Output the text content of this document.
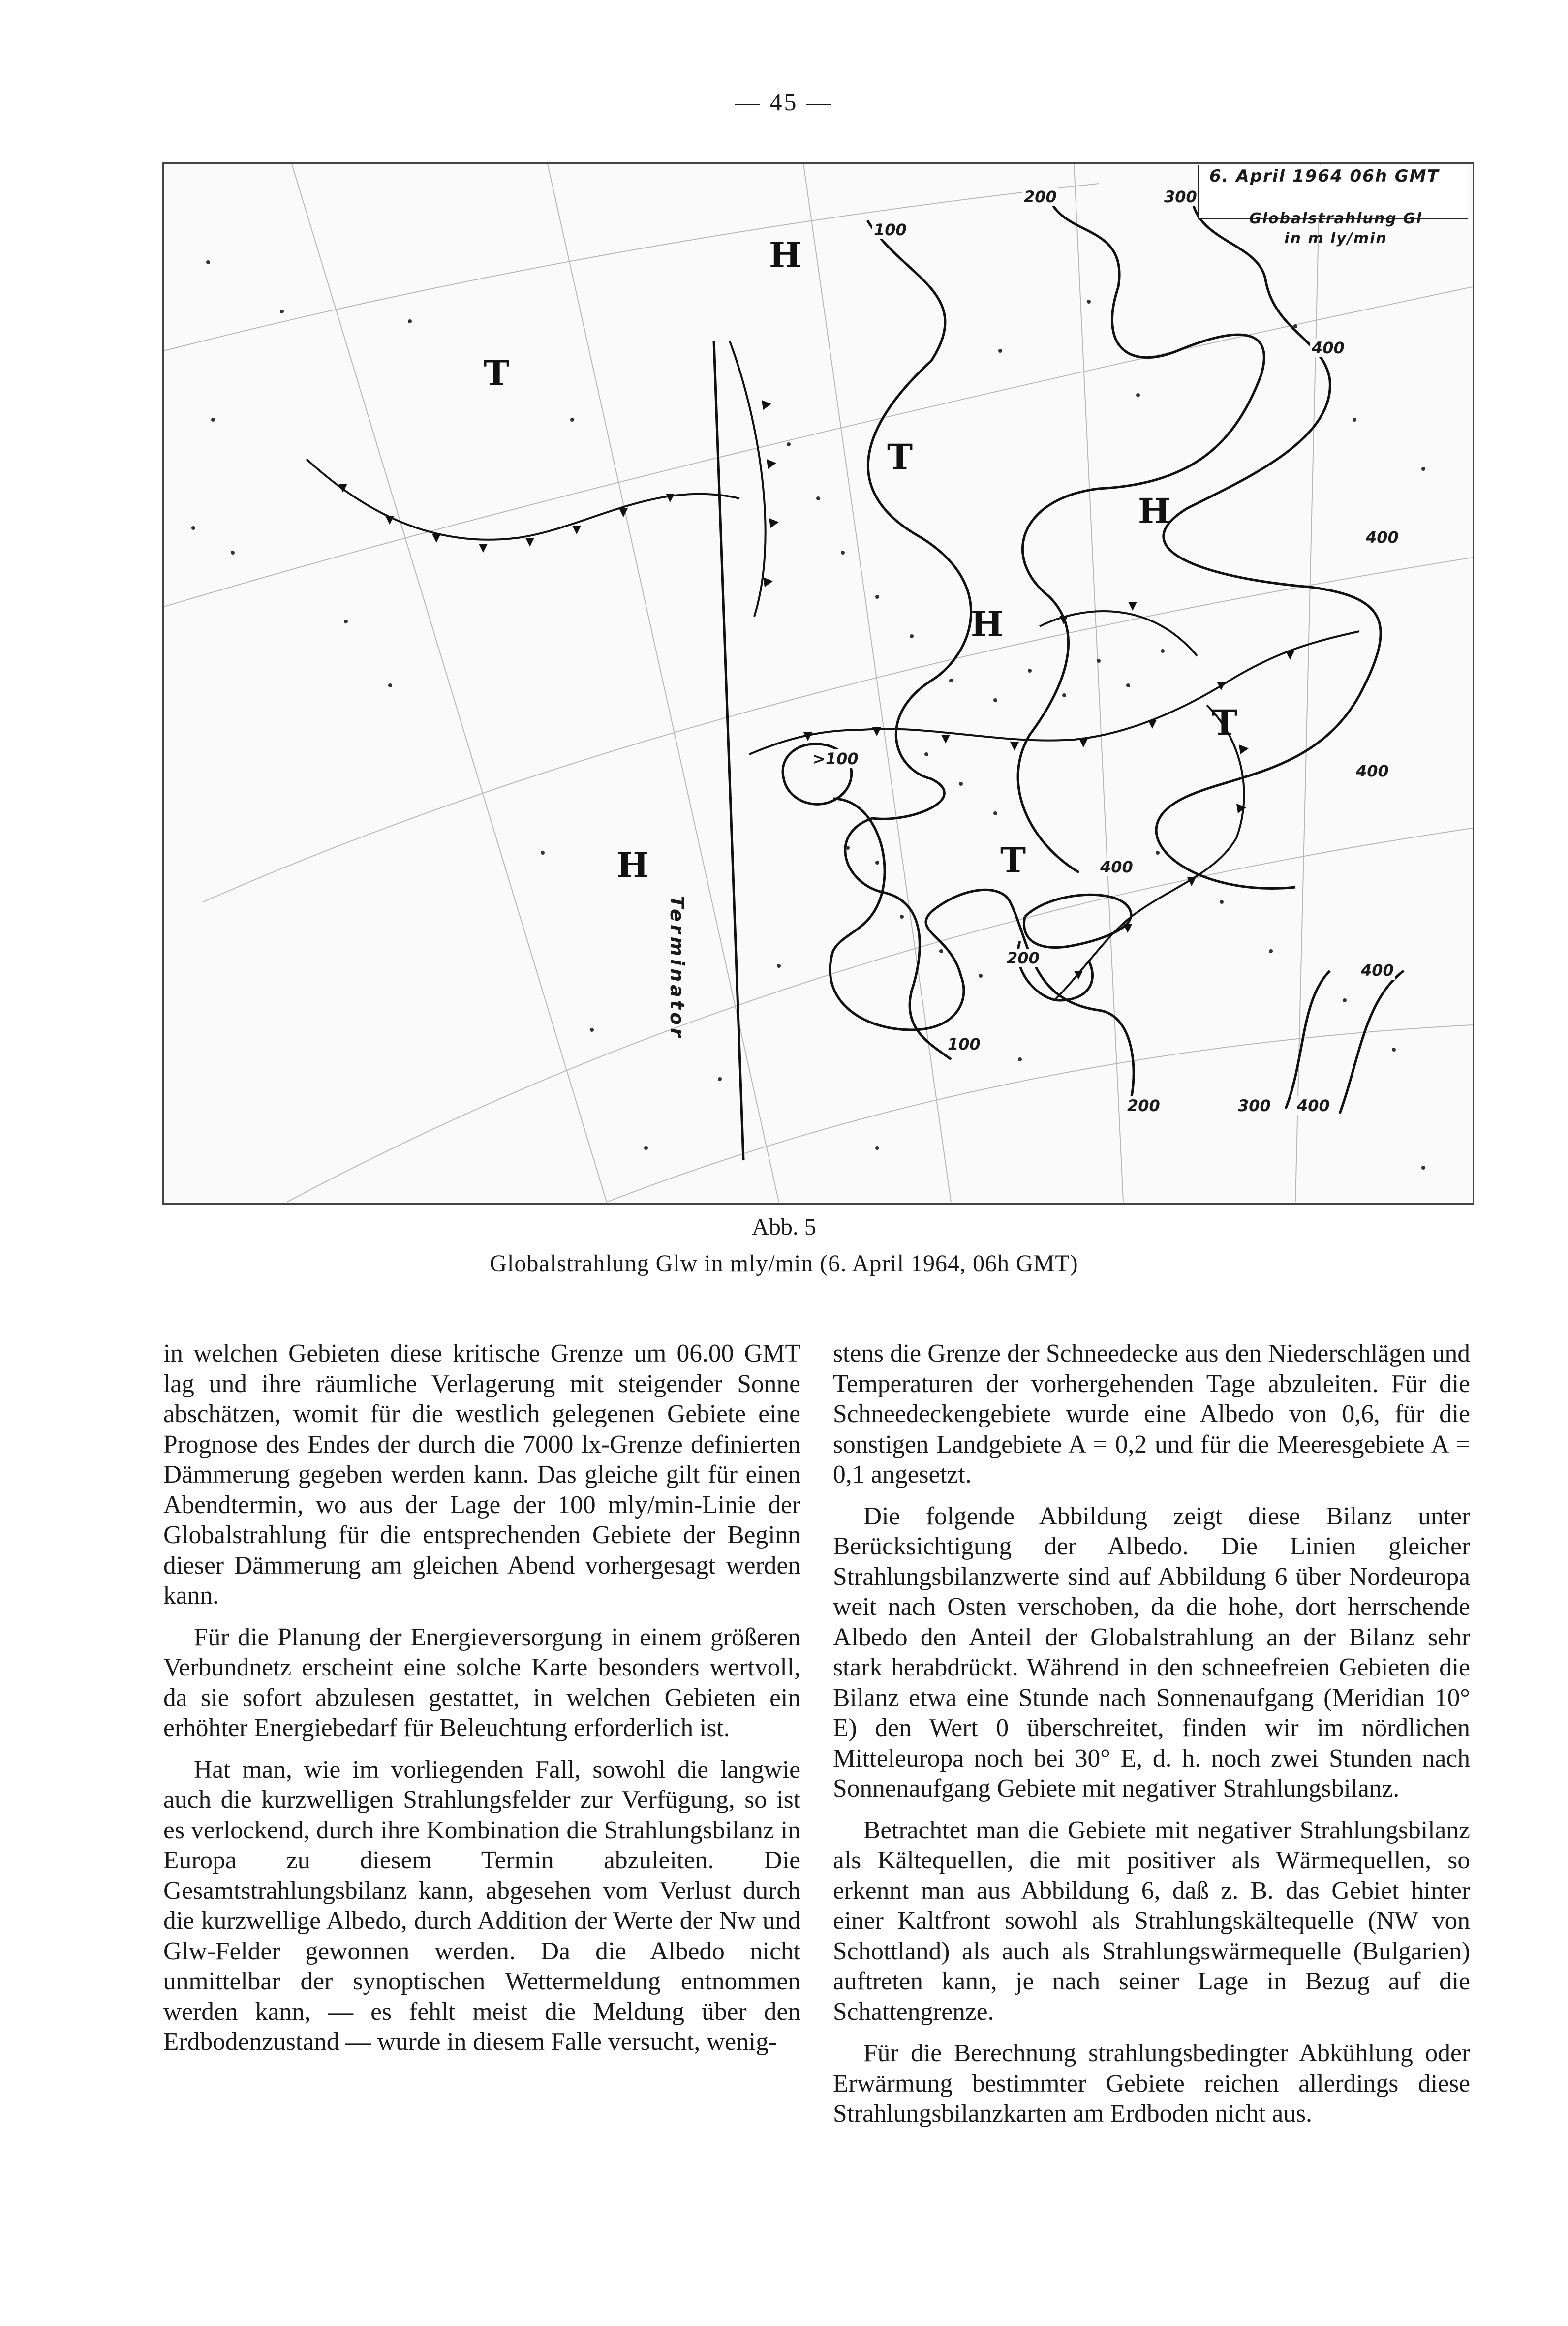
— 45 —
H
T
T
H
H
T
H	T
100
200	300
400
400
400
400
200
100
200	300 400
400
>100
6. April 1964 06h GMT
Globalstrahlung Gl
in m ly/min
Terminator
Abb. 5
Globalstrahlung Glw in mly/min (6. April 1964, 06h GMT)

in welchen Gebieten diese kritische Grenze um 06.00 GMT lag und ihre räumliche Verlagerung mit steigender Sonne abschätzen, womit für die westlich gelegenen Gebiete eine Prognose des Endes der durch die 7000 lx-Grenze definierten Dämmerung gegeben werden kann. Das gleiche gilt für einen Abendtermin, wo aus der Lage der 100 mly/min-Linie der Globalstrahlung für die entsprechenden Gebiete der Beginn dieser Dämmerung am gleichen Abend vorhergesagt werden kann.

Für die Planung der Energieversorgung in einem größeren Verbundnetz erscheint eine solche Karte besonders wertvoll, da sie sofort abzulesen gestattet, in welchen Gebieten ein erhöhter Energiebedarf für Beleuchtung erforderlich ist.

Hat man, wie im vorliegenden Fall, sowohl die langwie auch die kurzwelligen Strahlungsfelder zur Verfügung, so ist es verlockend, durch ihre Kombination die Strahlungsbilanz in Europa zu diesem Termin abzuleiten. Die Gesamtstrahlungsbilanz kann, abgesehen vom Verlust durch die kurzwellige Albedo, durch Addition der Werte der Nw und Glw-Felder gewonnen werden. Da die Albedo nicht unmittelbar der synoptischen Wettermeldung entnommen werden kann, — es fehlt meist die Meldung über den Erdbodenzustand — wurde in diesem Falle versucht, wenig-

stens die Grenze der Schneedecke aus den Niederschlägen und Temperaturen der vorhergehenden Tage abzuleiten. Für die Schneedeckengebiete wurde eine Albedo von 0,6, für die sonstigen Landgebiete A = 0,2 und für die Meeresgebiete A = 0,1 angesetzt.

Die folgende Abbildung zeigt diese Bilanz unter Berücksichtigung der Albedo. Die Linien gleicher Strahlungsbilanzwerte sind auf Abbildung 6 über Nordeuropa weit nach Osten verschoben, da die hohe, dort herrschende Albedo den Anteil der Globalstrahlung an der Bilanz sehr stark herabdrückt. Während in den schneefreien Gebieten die Bilanz etwa eine Stunde nach Sonnenaufgang (Meridian 10° E) den Wert 0 überschreitet, finden wir im nördlichen Mitteleuropa noch bei 30° E, d. h. noch zwei Stunden nach Sonnenaufgang Gebiete mit negativer Strahlungsbilanz.

Betrachtet man die Gebiete mit negativer Strahlungsbilanz als Kältequellen, die mit positiver als Wärmequellen, so erkennt man aus Abbildung 6, daß z. B. das Gebiet hinter einer Kaltfront sowohl als Strahlungskältequelle (NW von Schottland) als auch als Strahlungswärmequelle (Bulgarien) auftreten kann, je nach seiner Lage in Bezug auf die Schattengrenze.

Für die Berechnung strahlungsbedingter Abkühlung oder Erwärmung bestimmter Gebiete reichen allerdings diese Strahlungsbilanzkarten am Erdboden nicht aus.
